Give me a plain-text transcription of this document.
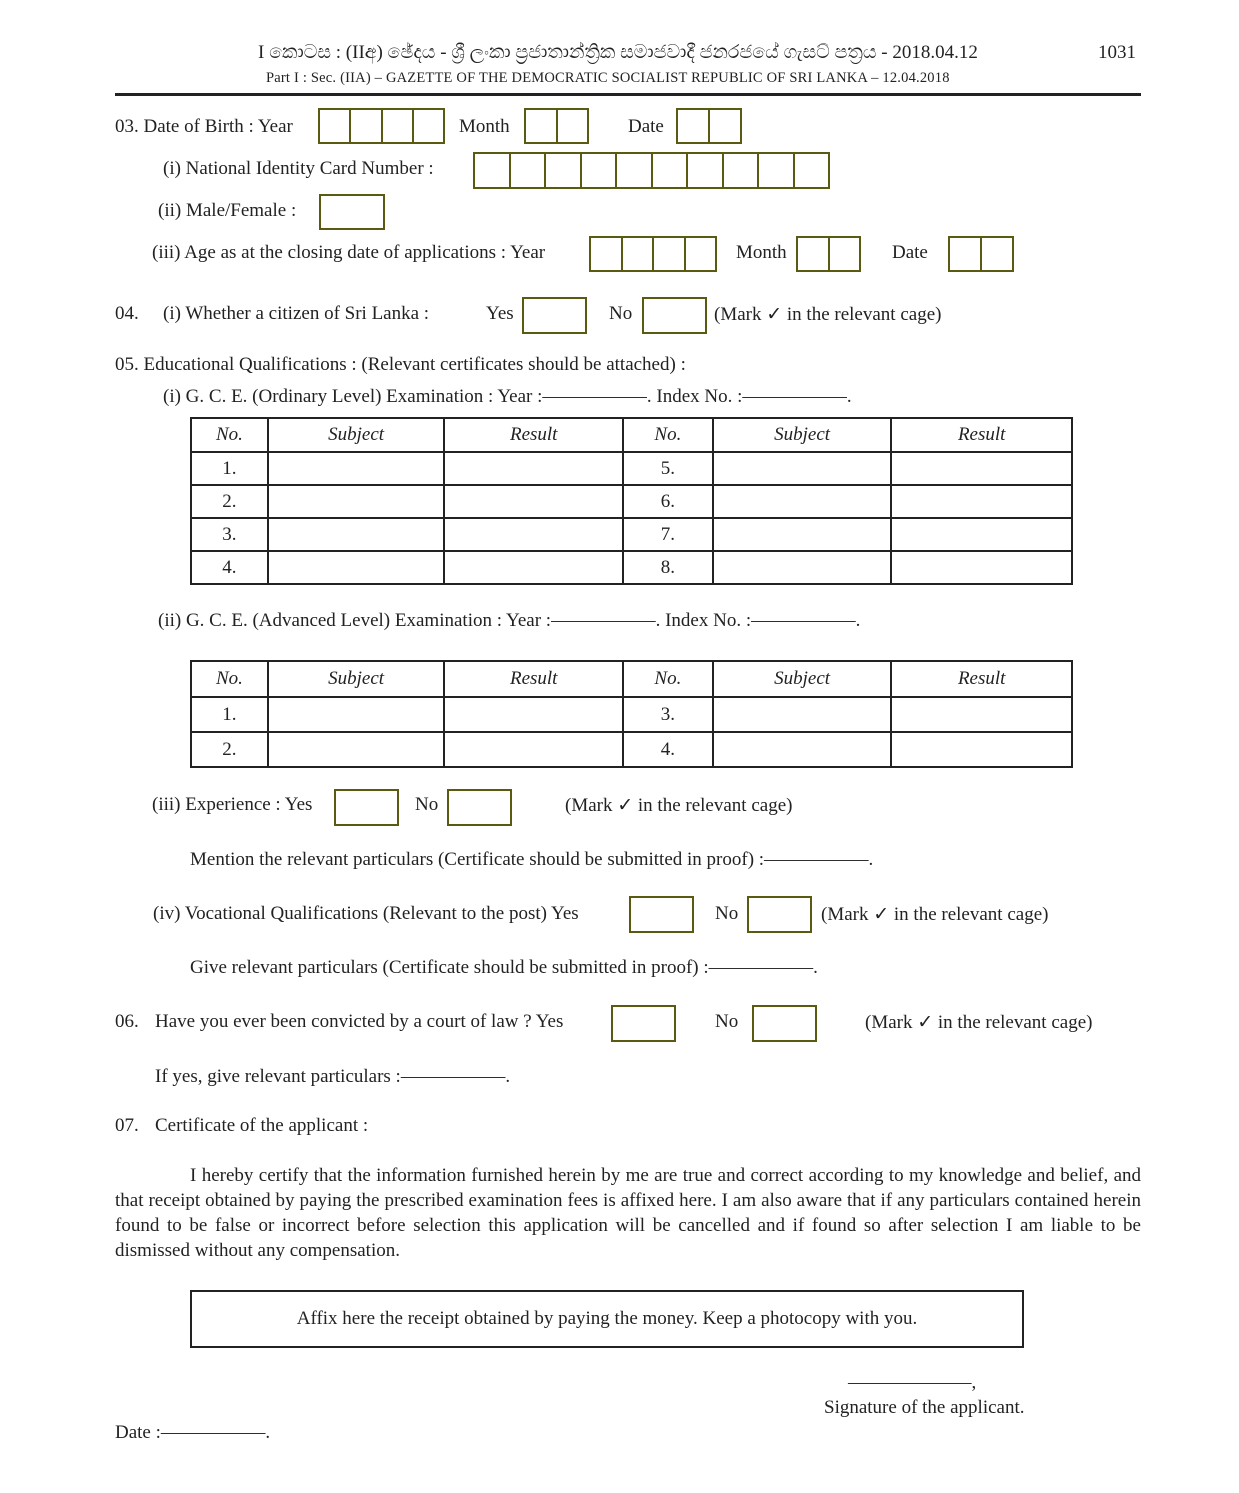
I කොටස : (IIඅ) ඡේදය - ශ්‍රී ලංකා ප්‍රජාතාන්ත්‍රික සමාජවාදී ජනරජයේ ගැසට් පත්‍රය - 2018.04.12	1031
Part I : Sec. (IIA) – GAZETTE OF THE DEMOCRATIC SOCIALIST REPUBLIC OF SRI LANKA – 12.04.2018
03. Date of Birth : Year	Month	Date
(i) National Identity Card Number :
(ii) Male/Female :
(iii) Age as at the closing date of applications : Year	Month	Date
04. (i) Whether a citizen of Sri Lanka :	Yes	No	(Mark ✓ in the relevant cage)
05. Educational Qualifications : (Relevant certificates should be attached) :
(i) G. C. E. (Ordinary Level) Examination : Year :–––––––––––. Index No. :–––––––––––.
No.	Subject	Result	No.	Subject	Result
1.			5.		
2.			6.		
3.			7.		
4.			8.		
(ii) G. C. E. (Advanced Level) Examination : Year :–––––––––––. Index No. :–––––––––––.
No.	Subject	Result	No.	Subject	Result
1.			3.		
2.			4.		
(iii) Experience : Yes	No	(Mark ✓ in the relevant cage)
Mention the relevant particulars (Certificate should be submitted in proof) :–––––––––––.
(iv) Vocational Qualifications (Relevant to the post) Yes	No	(Mark ✓ in the relevant cage)
Give relevant particulars (Certificate should be submitted in proof) :–––––––––––.
06. Have you ever been convicted by a court of law ? Yes	No	(Mark ✓ in the relevant cage)
If yes, give relevant particulars :–––––––––––.
07. Certificate of the applicant :
I hereby certify that the information furnished herein by me are true and correct according to my knowledge and belief, and that receipt obtained by paying the prescribed examination fees is affixed here. I am also aware that if any particulars contained herein found to be false or incorrect before selection this application will be cancelled and if found so after selection I am liable to be dismissed without any compensation.
Affix here the receipt obtained by paying the money. Keep a photocopy with you.
–––––––––––––,
Signature of the applicant.
Date :–––––––––––.
